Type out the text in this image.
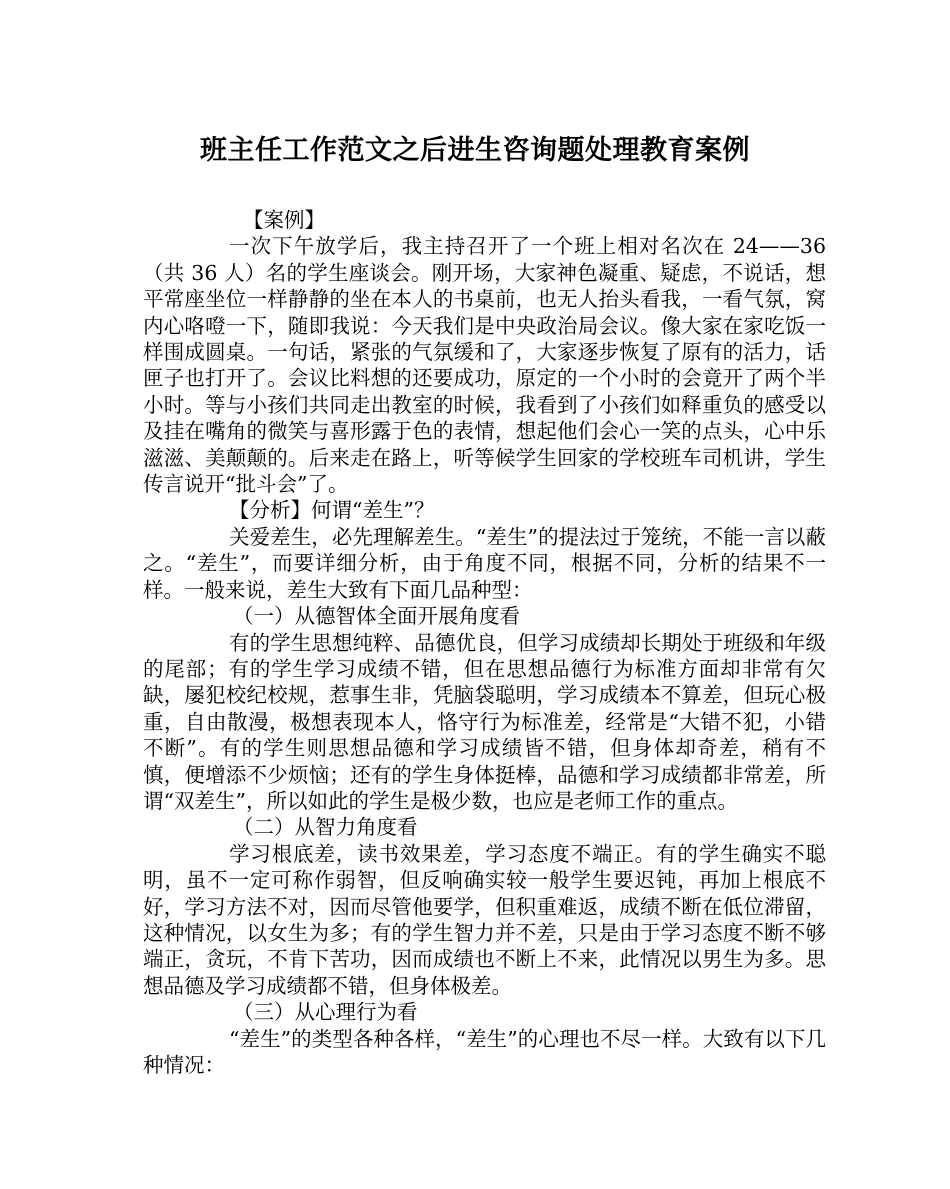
班主任工作范文之后进生咨询题处理教育案例

【案例】

一次下午放学后，我主持召开了一个班上相对名次在 24——36（共 36 人）名的学生座谈会。刚开场，大家神色凝重、疑虑，不说话，想平常座坐位一样静静的坐在本人的书桌前，也无人抬头看我，一看气氛，窝内心咯噔一下，随即我说：今天我们是中央政治局会议。像大家在家吃饭一样围成圆桌。一句话，紧张的气氛缓和了，大家逐步恢复了原有的活力，话匣子也打开了。会议比料想的还要成功，原定的一个小时的会竟开了两个半小时。等与小孩们共同走出教室的时候，我看到了小孩们如释重负的感受以及挂在嘴角的微笑与喜形露于色的表情，想起他们会心一笑的点头，心中乐滋滋、美颠颠的。后来走在路上，听等候学生回家的学校班车司机讲，学生传言说开“批斗会”了。

【分析】何谓“差生”？

关爱差生，必先理解差生。“差生”的提法过于笼统，不能一言以蔽之。“差生”，而要详细分析，由于角度不同，根据不同，分析的结果不一样。一般来说，差生大致有下面几品种型：

（一）从德智体全面开展角度看

有的学生思想纯粹、品德优良，但学习成绩却长期处于班级和年级的尾部；有的学生学习成绩不错，但在思想品德行为标准方面却非常有欠缺，屡犯校纪校规，惹事生非，凭脑袋聪明，学习成绩本不算差，但玩心极重，自由散漫，极想表现本人，恪守行为标准差，经常是“大错不犯，小错不断”。有的学生则思想品德和学习成绩皆不错，但身体却奇差，稍有不慎，便增添不少烦恼；还有的学生身体挺棒，品德和学习成绩都非常差，所谓“双差生”，所以如此的学生是极少数，也应是老师工作的重点。

（二）从智力角度看

学习根底差，读书效果差，学习态度不端正。有的学生确实不聪明，虽不一定可称作弱智，但反响确实较一般学生要迟钝，再加上根底不好，学习方法不对，因而尽管他要学，但积重难返，成绩不断在低位滞留，这种情况，以女生为多；有的学生智力并不差，只是由于学习态度不断不够端正，贪玩，不肯下苦功，因而成绩也不断上不来，此情况以男生为多。思想品德及学习成绩都不错，但身体极差。

（三）从心理行为看

“差生”的类型各种各样，“差生”的心理也不尽一样。大致有以下几种情况：
